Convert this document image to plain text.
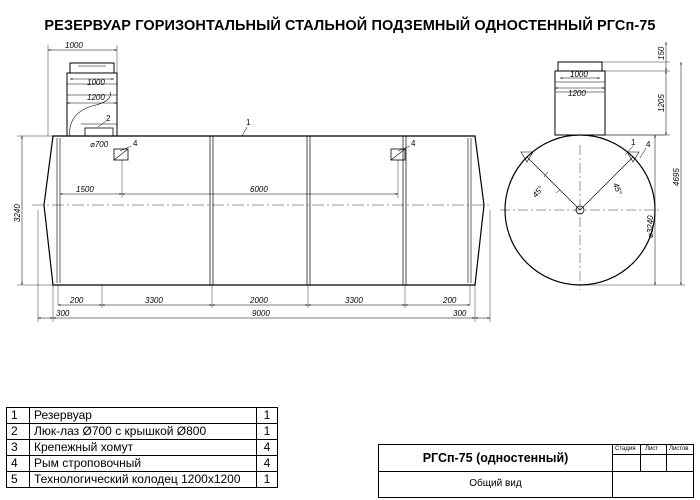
РЕЗЕРВУАР ГОРИЗОНТАЛЬНЫЙ СТАЛЬНОЙ ПОДЗЕМНЫЙ ОДНОСТЕННЫЙ РГСп-75
1000
1000
1200
⌀700
1500	6000
3240
200	3300	2000	3300	200
300	9000	300
1
2
4	4
1000
1200
150
1205
4695
⌀3240
45°	45°
1 4
1	Резервуар	1
2	Люк-лаз Ø700 с крышкой Ø800	1
3	Крепежный хомут	4
4	Рым строповочный	4
5	Технологический колодец 1200х1200	1
РГСп-75 (одностенный)
Общий вид
Стадия Лист Листов
